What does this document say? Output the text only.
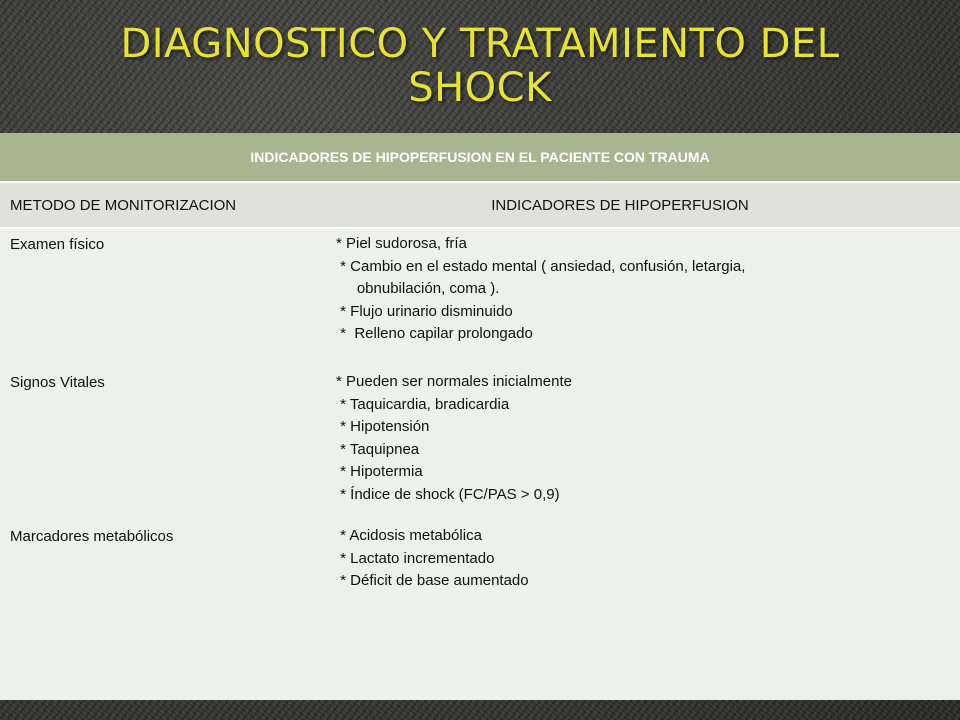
DIAGNOSTICO Y TRATAMIENTO DEL
SHOCK
INDICADORES DE HIPOPERFUSION EN EL PACIENTE CON TRAUMA
METODO DE MONITORIZACION	INDICADORES DE HIPOPERFUSION
Examen físico	* Piel sudorosa, fría
* Cambio en el estado mental ( ansiedad, confusión, letargia,
obnubilación, coma ).
* Flujo urinario disminuido
*  Relleno capilar prolongado
Signos Vitales	* Pueden ser normales inicialmente
* Taquicardia, bradicardia
* Hipotensión
* Taquipnea
* Hipotermia
* Índice de shock (FC/PAS > 0,9)
Marcadores metabólicos	* Acidosis metabólica
* Lactato incrementado
* Déficit de base aumentado
